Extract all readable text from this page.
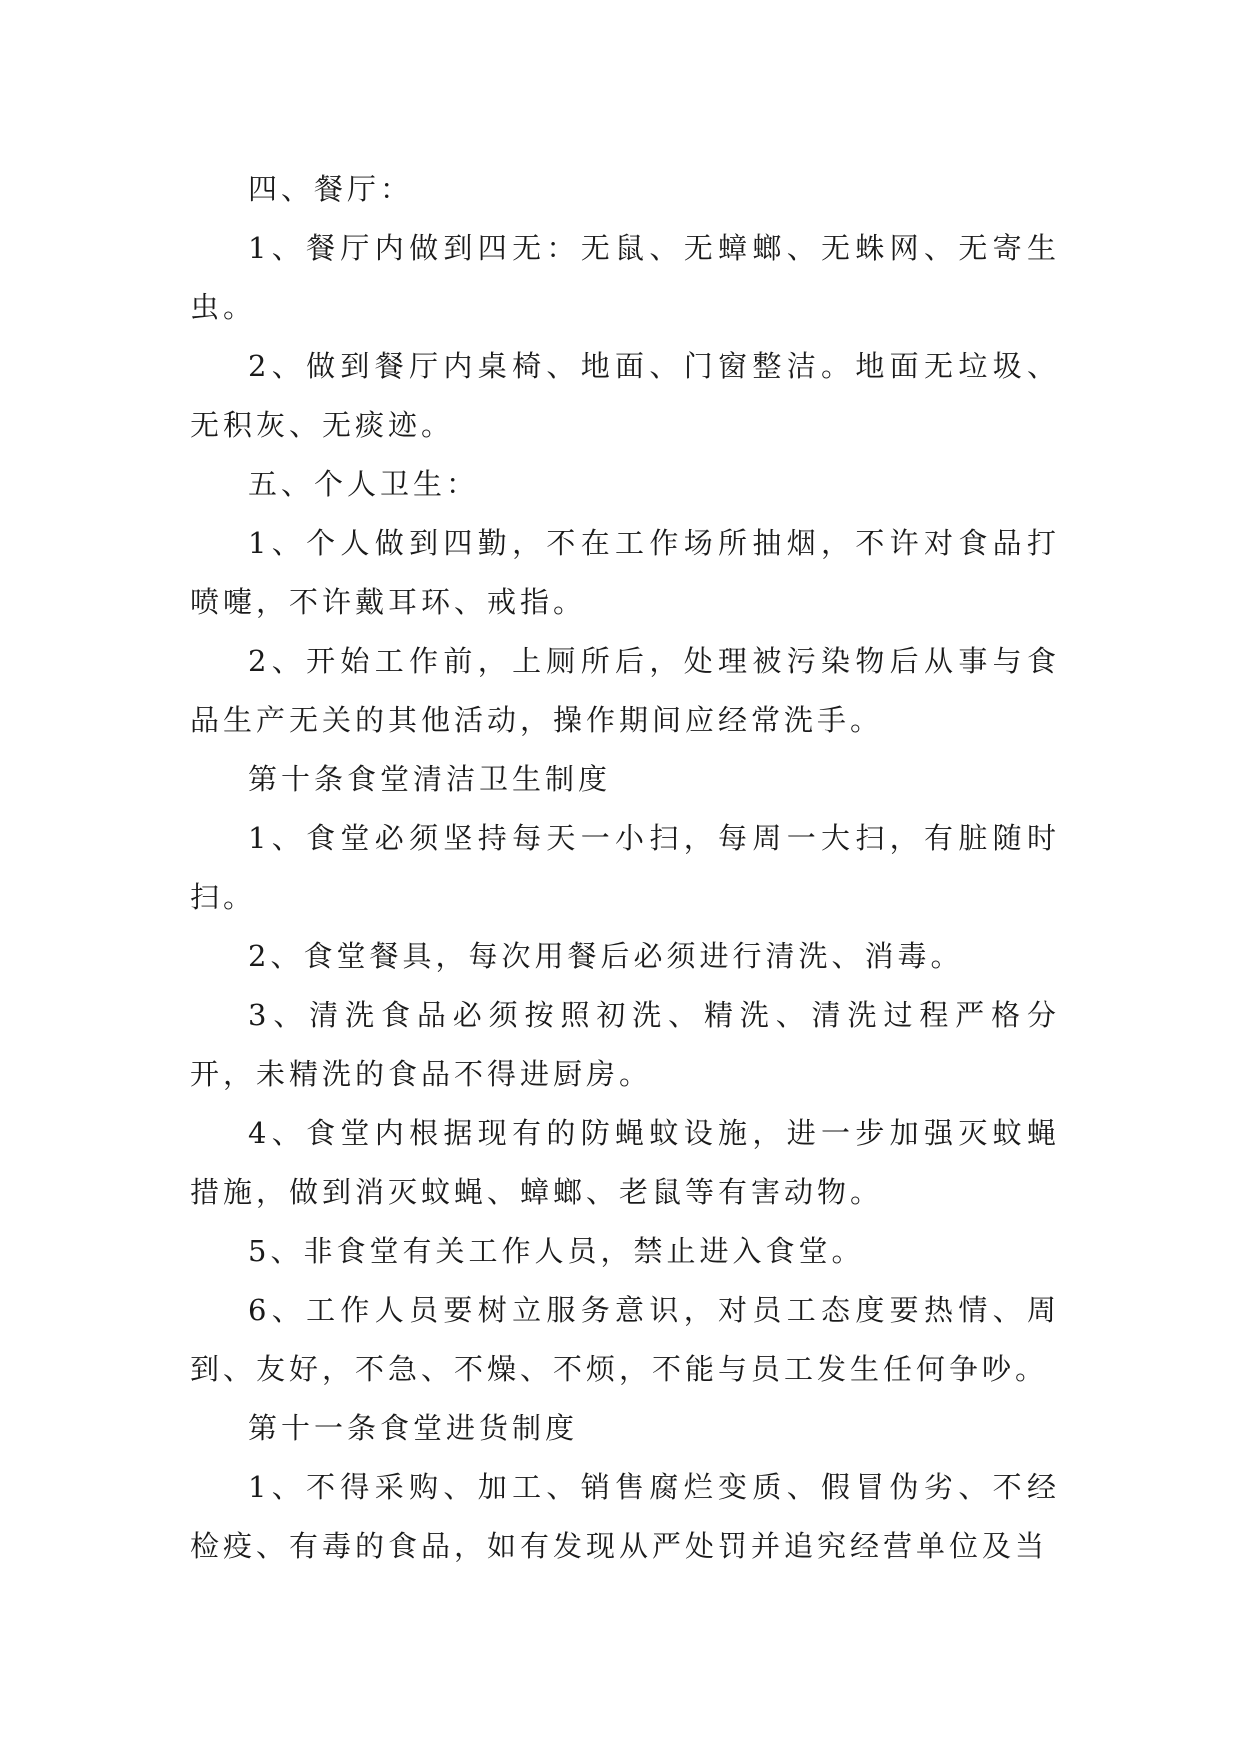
四、餐厅：

1、餐厅内做到四无：无鼠、无蟑螂、无蛛网、无寄生虫。

2、做到餐厅内桌椅、地面、门窗整洁。地面无垃圾、无积灰、无痰迹。

五、个人卫生：

1、个人做到四勤，不在工作场所抽烟，不许对食品打喷嚏，不许戴耳环、戒指。

2、开始工作前，上厕所后，处理被污染物后从事与食品生产无关的其他活动，操作期间应经常洗手。

第十条食堂清洁卫生制度

1、食堂必须坚持每天一小扫，每周一大扫，有脏随时扫。

2、食堂餐具，每次用餐后必须进行清洗、消毒。

3、清洗食品必须按照初洗、精洗、清洗过程严格分开，未精洗的食品不得进厨房。

4、食堂内根据现有的防蝇蚊设施，进一步加强灭蚊蝇措施，做到消灭蚊蝇、蟑螂、老鼠等有害动物。

5、非食堂有关工作人员，禁止进入食堂。

6、工作人员要树立服务意识，对员工态度要热情、周到、友好，不急、不燥、不烦，不能与员工发生任何争吵。

第十一条食堂进货制度

1、不得采购、加工、销售腐烂变质、假冒伪劣、不经检疫、有毒的食品，如有发现从严处罚并追究经营单位及当
